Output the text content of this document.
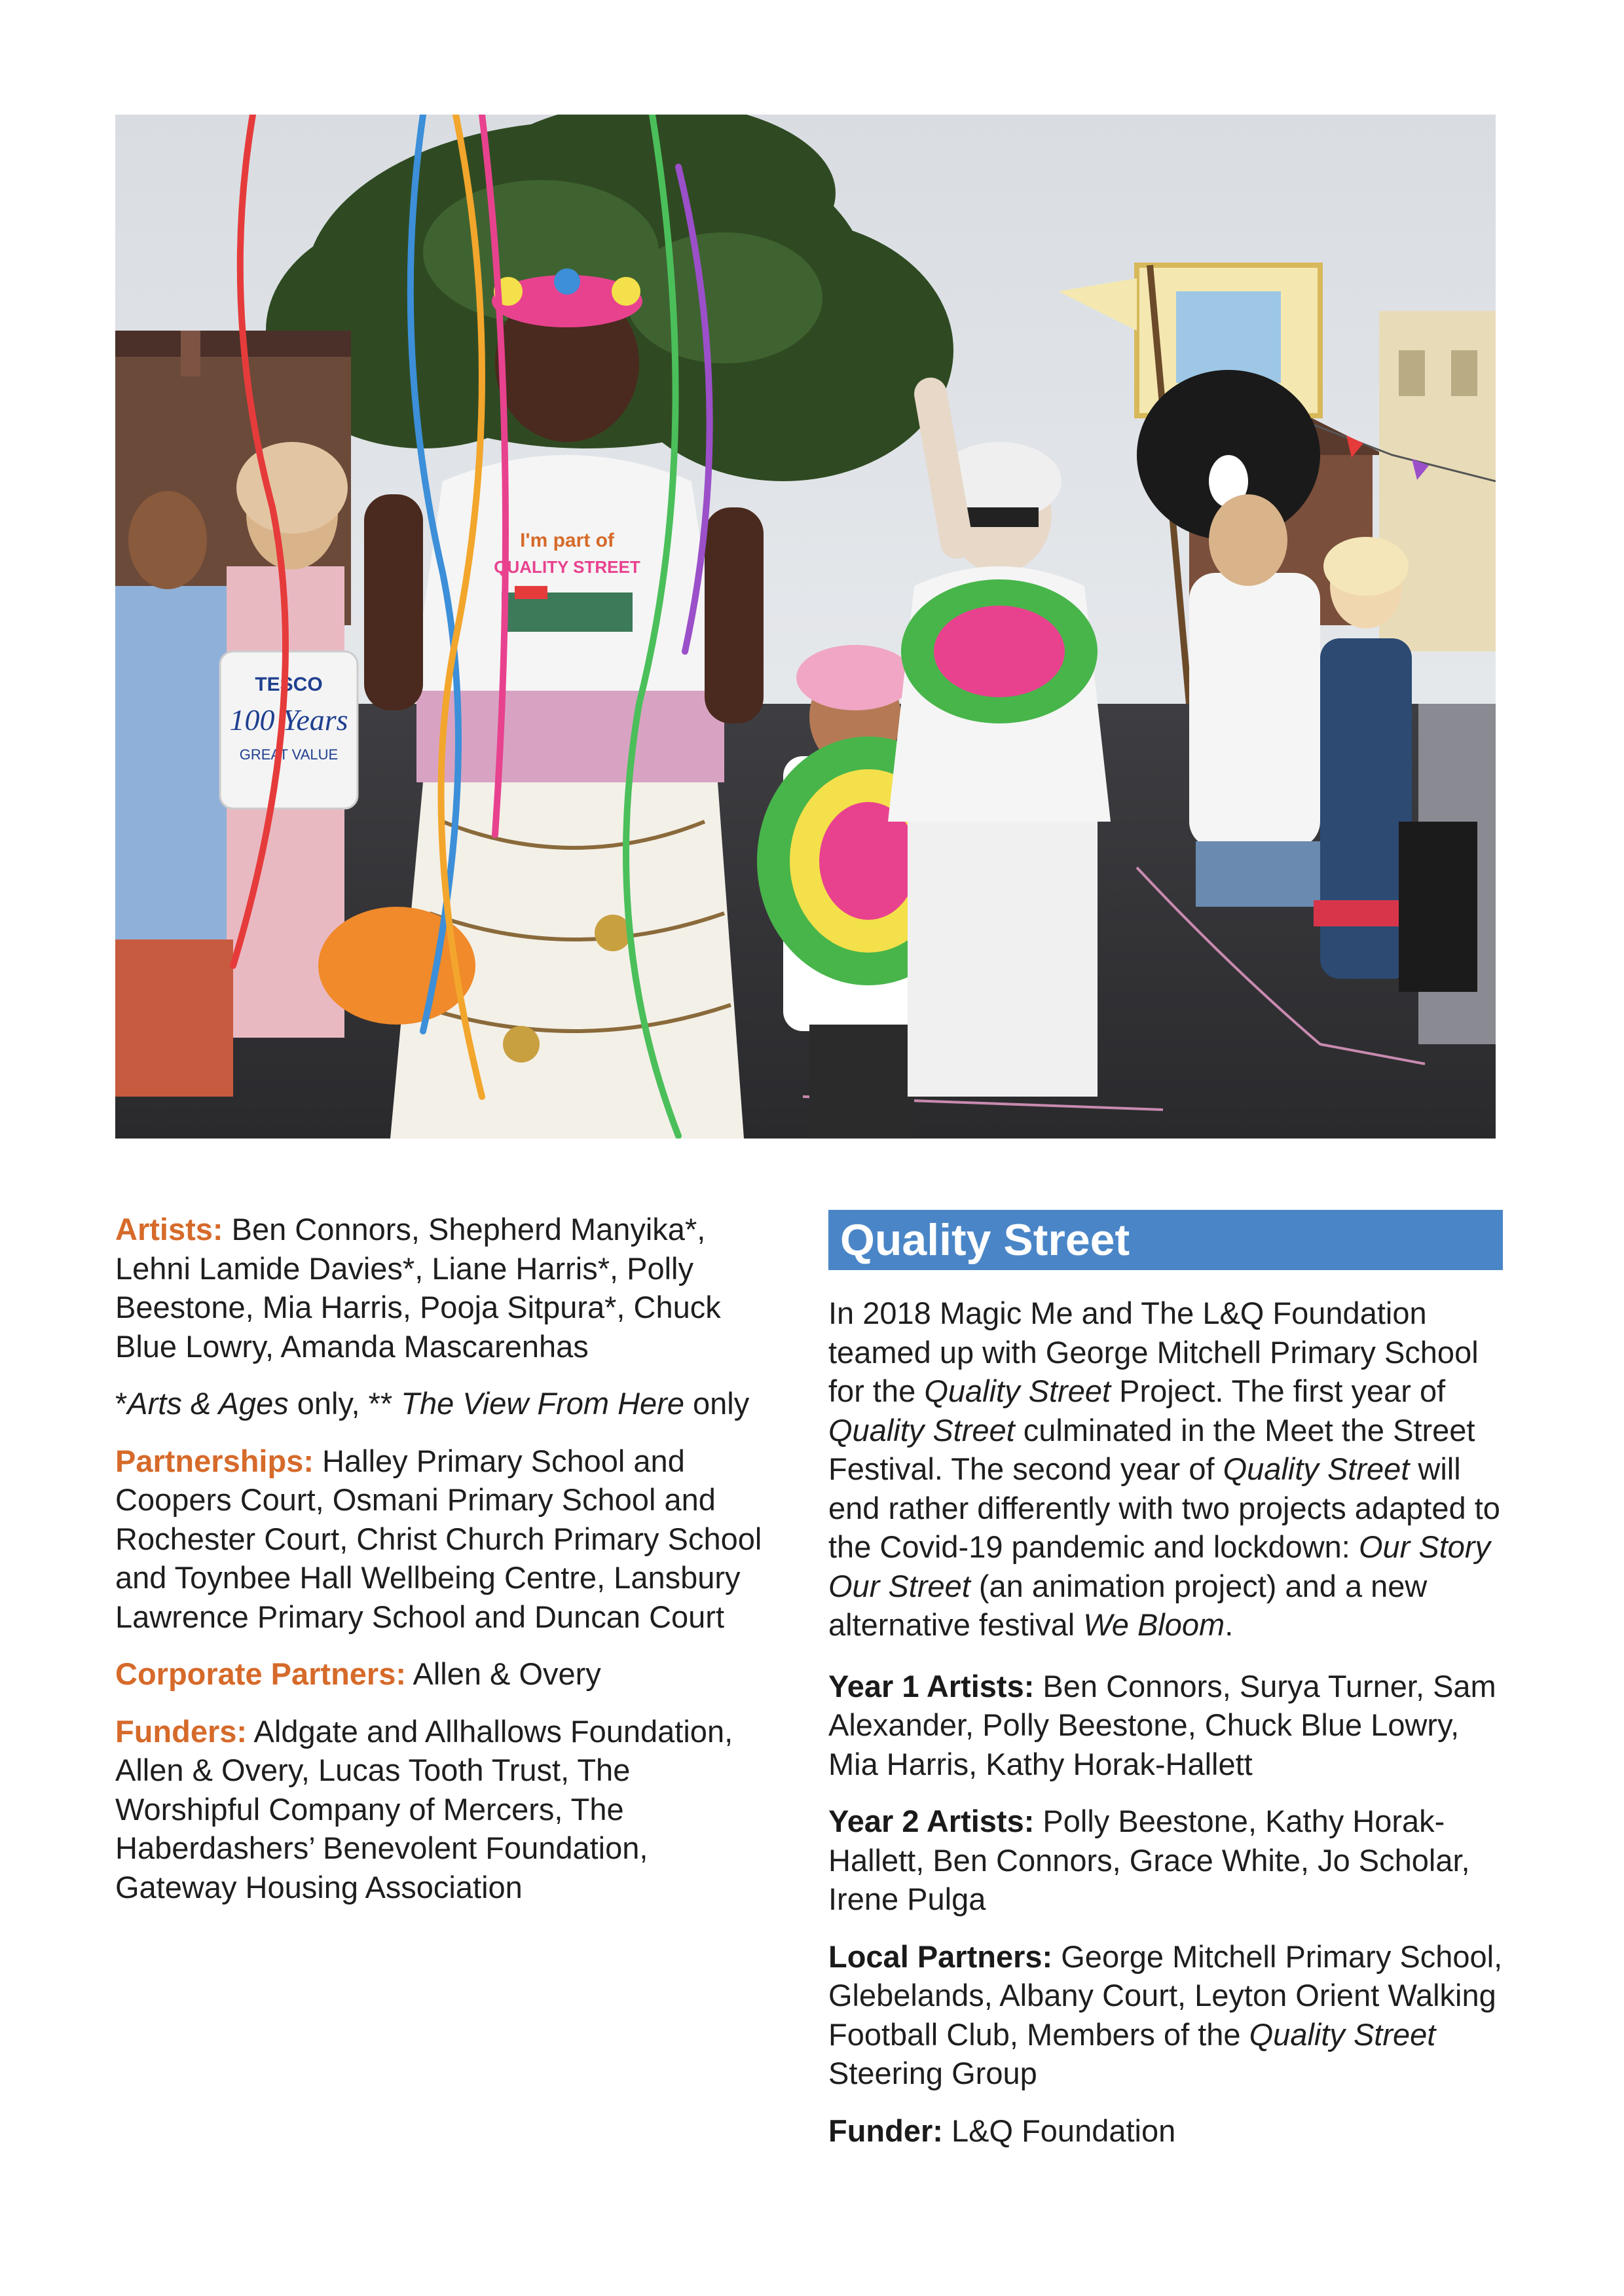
TESCO
100 Years
GREAT VALUE
I'm part of
QUALITY STREET

Artists: Ben Connors, Shepherd Manyika*, Lehni Lamide Davies*, Liane Harris*, Polly Beestone, Mia Harris, Pooja Sitpura*, Chuck Blue Lowry, Amanda Mascarenhas

*Arts & Ages only, ** The View From Here only

Partnerships: Halley Primary School and Coopers Court, Osmani Primary School and Rochester Court, Christ Church Primary School and Toynbee Hall Wellbeing Centre, Lansbury Lawrence Primary School and Duncan Court

Corporate Partners: Allen & Overy

Funders: Aldgate and Allhallows Foundation, Allen & Overy, Lucas Tooth Trust, The Worshipful Company of Mercers, The Haberdashers’ Benevolent Foundation, Gateway Housing Association

Quality Street

In 2018 Magic Me and The L&Q Foundation teamed up with George Mitchell Primary School for the Quality Street Project. The first year of Quality Street culminated in the Meet the Street Festival. The second year of Quality Street will end rather differently with two projects adapted to the Covid-19 pandemic and lockdown: Our Story Our Street (an animation project) and a new alternative festival We Bloom.

Year 1 Artists: Ben Connors, Surya Turner, Sam Alexander, Polly Beestone, Chuck Blue Lowry, Mia Harris, Kathy Horak-Hallett

Year 2 Artists: Polly Beestone, Kathy Horak-Hallett, Ben Connors, Grace White, Jo Scholar, Irene Pulga

Local Partners: George Mitchell Primary School, Glebelands, Albany Court, Leyton Orient Walking Football Club, Members of the Quality Street Steering Group

Funder: L&Q Foundation
